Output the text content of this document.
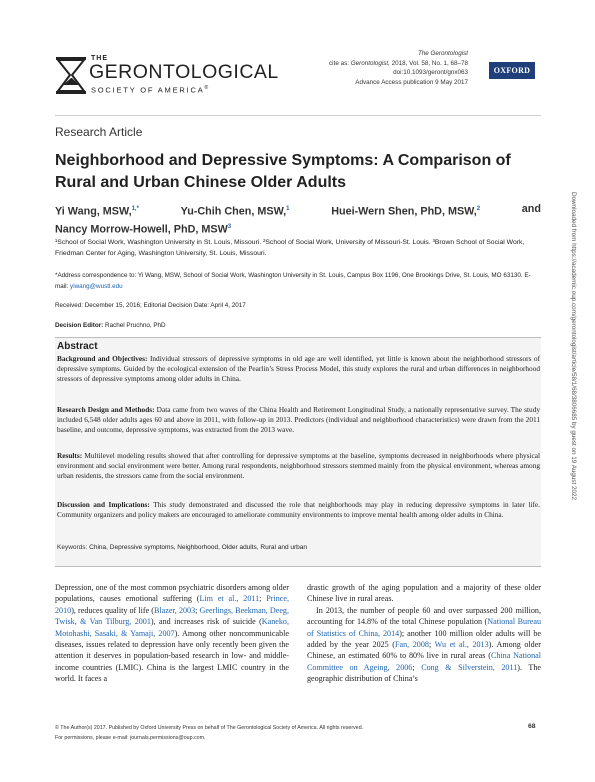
THE
GERONTOLOGICAL
SOCIETY OF AMERICA®
The Gerontologist
cite as: Gerontologist, 2018, Vol. 58, No. 1, 68–78
doi:10.1093/geront/gnx063
Advance Access publication 9 May 2017
OXFORD
Research Article
Neighborhood and Depressive Symptoms: A Comparison of Rural and Urban Chinese Older Adults
Yi Wang, MSW,$^{1,*}$	Yu-Chih Chen, MSW,$^1$	Huei-Wern Shen, PhD, MSW,$^2$	and
Nancy Morrow-Howell, PhD, MSW$^3$
¹School of Social Work, Washington University in St. Louis, Missouri. ²School of Social Work, University of Missouri-St. Louis. ³Brown School of Social Work, Friedman Center for Aging, Washington University, St. Louis, Missouri.
*Address correspondence to: Yi Wang, MSW, School of Social Work, Washington University in St. Louis, Campus Box 1196, One Brookings Drive, St. Louis, MO 63130. E-mail: yiwang@wustl.edu
Received: December 15, 2016; Editorial Decision Date: April 4, 2017
Decision Editor: Rachel Pruchno, PhD
Abstract
Background and Objectives: Individual stressors of depressive symptoms in old age are well identified, yet little is known about the neighborhood stressors of depressive symptoms. Guided by the ecological extension of the Pearlin’s Stress Process Model, this study explores the rural and urban differences in neighborhood stressors of depressive symptoms among older adults in China.
Research Design and Methods: Data came from two waves of the China Health and Retirement Longitudinal Study, a nationally representative survey. The study included 6,548 older adults ages 60 and above in 2011, with follow-up in 2013. Predictors (individual and neighborhood characteristics) were drawn from the 2011 baseline, and outcome, depressive symptoms, was extracted from the 2013 wave.
Results: Multilevel modeling results showed that after controlling for depressive symptoms at the baseline, symptoms decreased in neighborhoods where physical environment and social environment were better. Among rural respondents, neighborhood stressors stemmed mainly from the physical environment, whereas among urban residents, the stressors came from the social environment.
Discussion and Implications: This study demonstrated and discussed the role that neighborhoods may play in reducing depressive symptoms in later life. Community organizers and policy makers are encouraged to ameliorate community environments to improve mental health among older adults in China.
Keywords: China, Depressive symptoms, Neighborhood, Older adults, Rural and urban

Depression, one of the most common psychiatric disorders among older populations, causes emotional suffering (Lim et al., 2011; Prince, 2010), reduces quality of life (Blazer, 2003; Geerlings, Beekman, Deeg, Twisk, & Van Tilburg, 2001), and increases risk of suicide (Kaneko, Motohashi, Sasaki, & Yamaji, 2007). Among other noncommunicable diseases, issues related to depression have only recently been given the attention it deserves in population-based research in low- and middle-income countries (LMIC). China is the largest LMIC country in the world. It faces a

drastic growth of the aging population and a majority of these older Chinese live in rural areas.

In 2013, the number of people 60 and over surpassed 200 million, accounting for 14.8% of the total Chinese population (National Bureau of Statistics of China, 2014); another 100 million older adults will be added by the year 2025 (Fan, 2008; Wu et al., 2013). Among older Chinese, an estimated 60% to 80% live in rural areas (China National Committee on Ageing, 2006; Cong & Silverstein, 2011). The geographic distribution of China’s

© The Author(s) 2017. Published by Oxford University Press on behalf of The Gerontological Society of America. All rights reserved.
For permissions, please e-mail: journals.permissions@oup.com.
68
Downloaded from https://academic.oup.com/gerontologist/article/58/1/68/3806685 by guest on 19 August 2022
